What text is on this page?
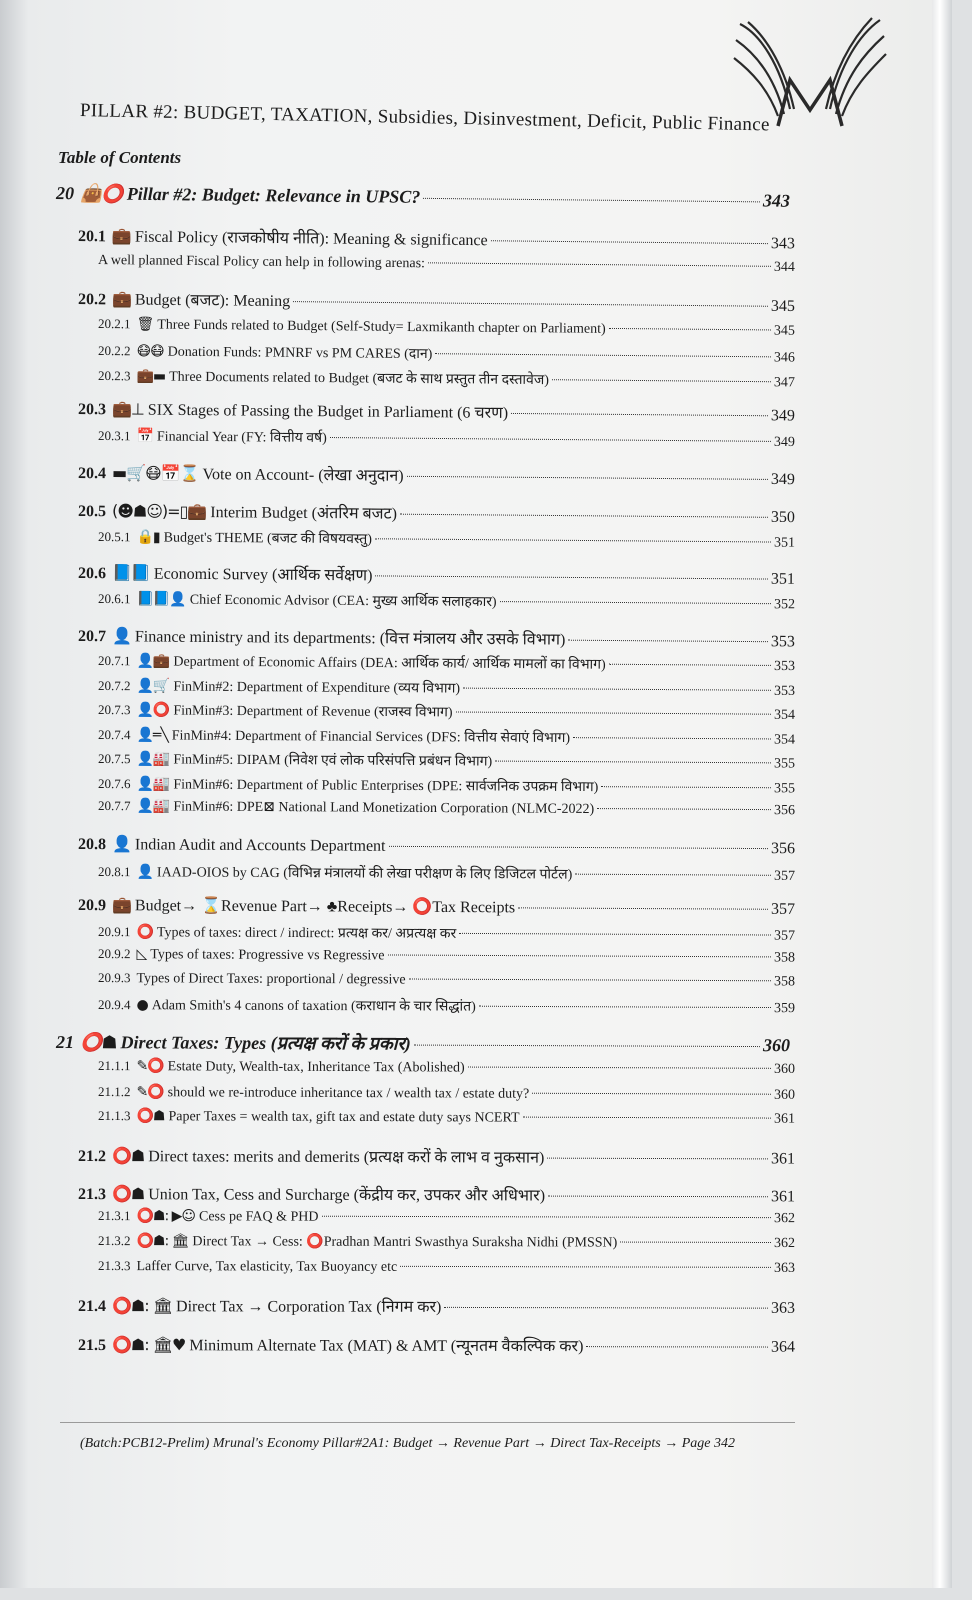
PILLAR #2: BUDGET, TAXATION, Subsidies, Disinvestment, Deficit, Public Finance
Table of Contents
20 👜⭕ Pillar #2: Budget: Relevance in UPSC?	343
20.1 💼 Fiscal Policy (राजकोषीय नीति): Meaning & significance	343
A well planned Fiscal Policy can help in following arenas:	344
20.2 💼 Budget (बजट): Meaning	345
20.2.1 🗑 Three Funds related to Budget (Self-Study= Laxmikanth chapter on Parliament)	345
20.2.2 😷😷 Donation Funds: PMNRF vs PM CARES (दान)	346
20.2.3 💼▬ Three Documents related to Budget (बजट के साथ प्रस्तुत तीन दस्तावेज)	347
20.3 💼⊥ SIX Stages of Passing the Budget in Parliament (6 चरण)	349
20.3.1 📅 Financial Year (FY: वित्तीय वर्ष)	349
20.4 ▬🛒😷📅⌛ Vote on Account- (लेखा अनुदान)	349
20.5 (☻☗☺)=▯💼 Interim Budget (अंतरिम बजट)	350
20.5.1 🔒▮ Budget's THEME (बजट की विषयवस्तु)	351
20.6 📘📘 Economic Survey (आर्थिक सर्वेक्षण)	351
20.6.1 📘📘👤 Chief Economic Advisor (CEA: मुख्य आर्थिक सलाहकार)	352
20.7 👤 Finance ministry and its departments: (वित्त मंत्रालय और उसके विभाग)	353
20.7.1 👤💼 Department of Economic Affairs (DEA: आर्थिक कार्य/ आर्थिक मामलों का विभाग)	353
20.7.2 👤🛒 FinMin#2: Department of Expenditure (व्यय विभाग)	353
20.7.3 👤⭕ FinMin#3: Department of Revenue (राजस्व विभाग)	354
20.7.4 👤═╲ FinMin#4: Department of Financial Services (DFS: वित्तीय सेवाएं विभाग)	354
20.7.5 👤🏭 FinMin#5: DIPAM (निवेश एवं लोक परिसंपत्ति प्रबंधन विभाग)	355
20.7.6 👤🏭 FinMin#6: Department of Public Enterprises (DPE: सार्वजनिक उपक्रम विभाग)	355
20.7.7 👤🏭 FinMin#6: DPE⊠ National Land Monetization Corporation (NLMC-2022)	356
20.8 👤 Indian Audit and Accounts Department	356
20.8.1 👤 IAAD-OIOS by CAG (विभिन्न मंत्रालयों की लेखा परीक्षण के लिए डिजिटल पोर्टल)	357
20.9 💼 Budget→ ⌛Revenue Part→ ♣Receipts→ ⭕Tax Receipts	357
20.9.1 ⭕ Types of taxes: direct / indirect: प्रत्यक्ष कर/ अप्रत्यक्ष कर	357
20.9.2 ◺ Types of taxes: Progressive vs Regressive	358
20.9.3 Types of Direct Taxes: proportional / degressive	358
20.9.4 ● Adam Smith's 4 canons of taxation (कराधान के चार सिद्धांत)	359
21 ⭕☗ Direct Taxes: Types (प्रत्यक्ष करों के प्रकार)	360
21.1.1 ✎⭕ Estate Duty, Wealth-tax, Inheritance Tax (Abolished)	360
21.1.2 ✎⭕ should we re-introduce inheritance tax / wealth tax / estate duty?	360
21.1.3 ⭕☗ Paper Taxes = wealth tax, gift tax and estate duty says NCERT	361
21.2 ⭕☗ Direct taxes: merits and demerits (प्रत्यक्ष करों के लाभ व नुकसान)	361
21.3 ⭕☗ Union Tax, Cess and Surcharge (केंद्रीय कर, उपकर और अधिभार)	361
21.3.1 ⭕☗: ▶☺ Cess pe FAQ & PHD	362
21.3.2 ⭕☗: 🏛 Direct Tax → Cess: ⭕Pradhan Mantri Swasthya Suraksha Nidhi (PMSSN)	362
21.3.3 Laffer Curve, Tax elasticity, Tax Buoyancy etc	363
21.4 ⭕☗: 🏛 Direct Tax → Corporation Tax (निगम कर)	363
21.5 ⭕☗: 🏛♥ Minimum Alternate Tax (MAT) & AMT (न्यूनतम वैकल्पिक कर)	364
(Batch:PCB12-Prelim) Mrunal's Economy Pillar#2A1: Budget → Revenue Part → Direct Tax-Receipts → Page 342
